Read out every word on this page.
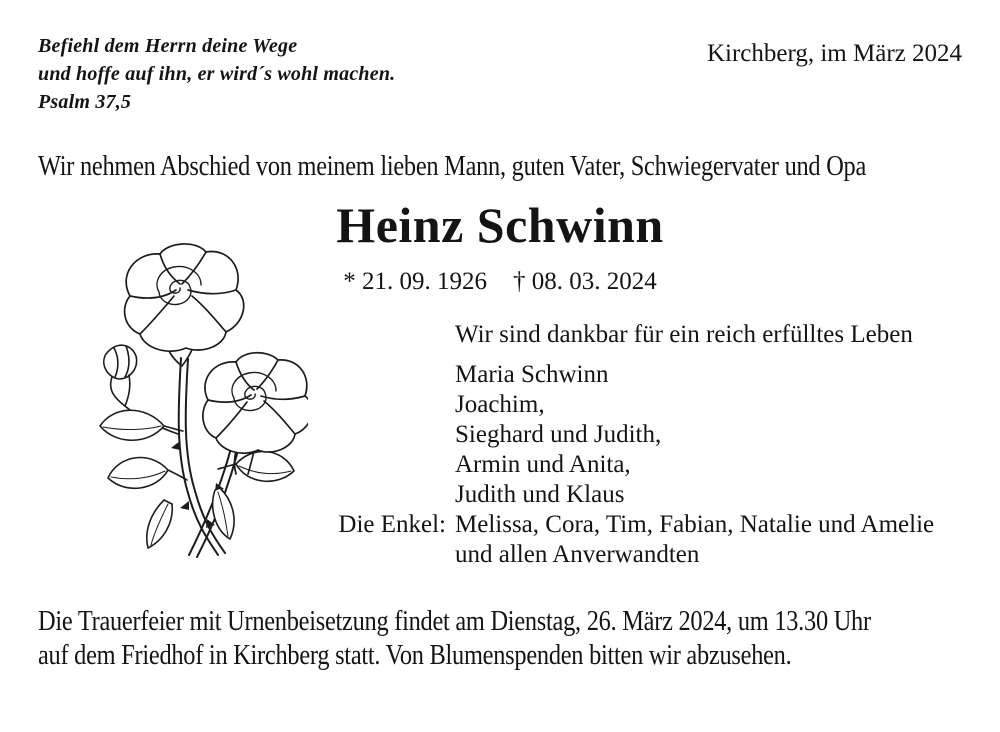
Befiehl dem Herrn deine Wege
und hoffe auf ihn, er wird´s wohl machen.
Psalm 37,5
Kirchberg, im März 2024
Wir nehmen Abschied von meinem lieben Mann, guten Vater, Schwiegervater und Opa
Heinz Schwinn
* 21. 09. 1926 † 08. 03. 2024
Wir sind dankbar für ein reich erfülltes Leben
Maria Schwinn
Joachim,
Sieghard und Judith,
Armin und Anita,
Judith und Klaus
Die Enkel: Melissa, Cora, Tim, Fabian, Natalie und Amelie
und allen Anverwandten
Die Trauerfeier mit Urnenbeisetzung findet am Dienstag, 26. März 2024, um 13.30 Uhr
auf dem Friedhof in Kirchberg statt. Von Blumenspenden bitten wir abzusehen.
